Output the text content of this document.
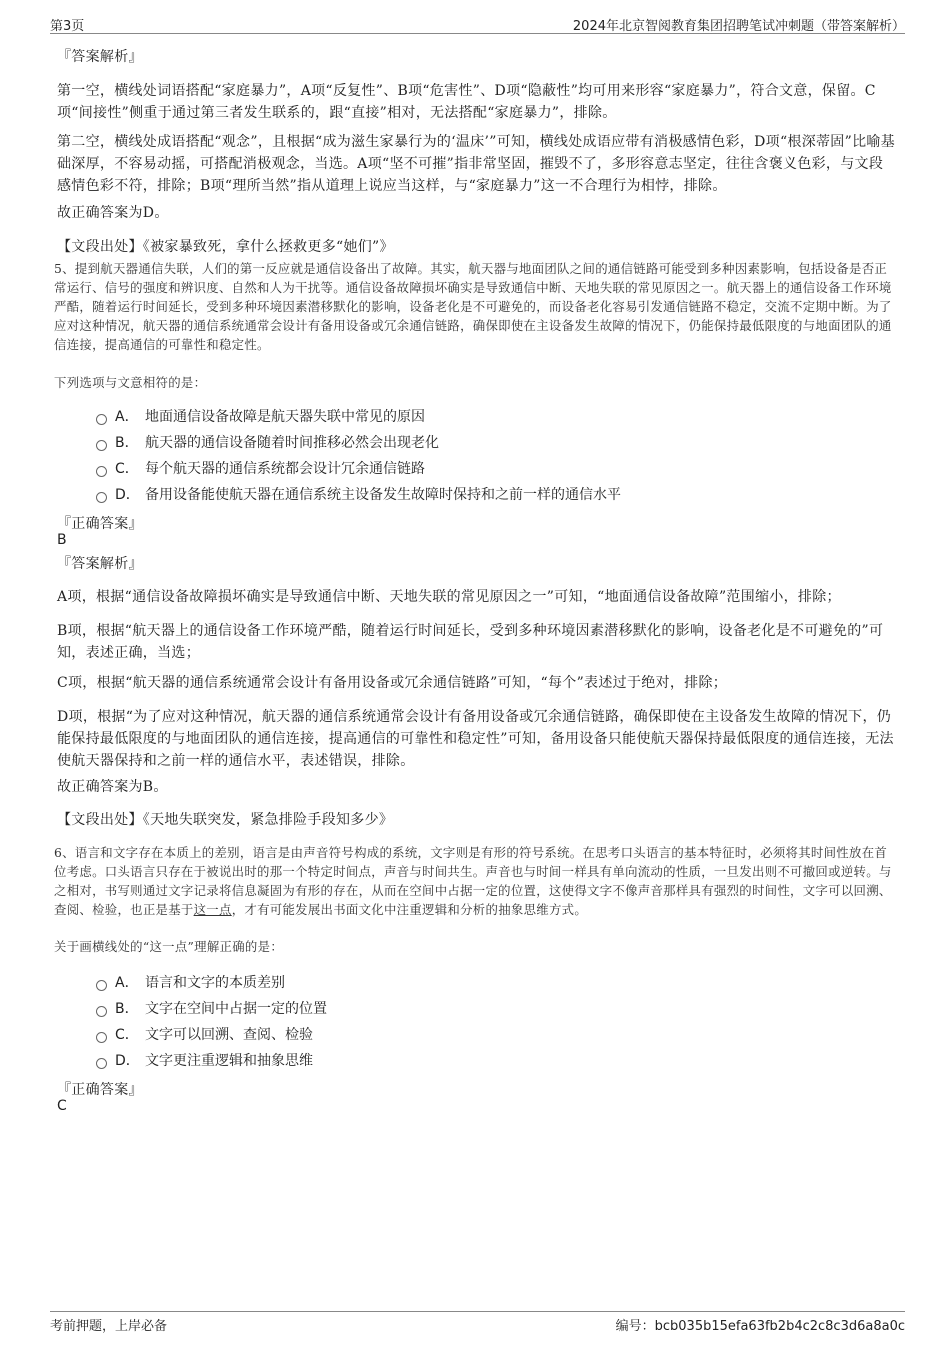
第3页	2024年北京智阅教育集团招聘笔试冲刺题（带答案解析）
『答案解析』
第一空，横线处词语搭配“家庭暴力”，A项“反复性”、B项“危害性”、D项“隐蔽性”均可用来形容“家庭暴力”，符合文意，保留。C项“间接性”侧重于通过第三者发生联系的，跟“直接”相对，无法搭配“家庭暴力”，排除。
第二空，横线处成语搭配“观念”，且根据“成为滋生家暴行为的‘温床’”可知，横线处成语应带有消极感情色彩，D项“根深蒂固”比喻基础深厚，不容易动摇，可搭配消极观念，当选。A项“坚不可摧”指非常坚固，摧毁不了，多形容意志坚定，往往含褒义色彩，与文段感情色彩不符，排除；B项“理所当然”指从道理上说应当这样，与“家庭暴力”这一不合理行为相悖，排除。
故正确答案为D。
【文段出处】《被家暴致死，拿什么拯救更多“她们”》
5、提到航天器通信失联，人们的第一反应就是通信设备出了故障。其实，航天器与地面团队之间的通信链路可能受到多种因素影响，包括设备是否正常运行、信号的强度和辨识度、自然和人为干扰等。通信设备故障损坏确实是导致通信中断、天地失联的常见原因之一。航天器上的通信设备工作环境严酷，随着运行时间延长，受到多种环境因素潜移默化的影响，设备老化是不可避免的，而设备老化容易引发通信链路不稳定，交流不定期中断。为了应对这种情况，航天器的通信系统通常会设计有备用设备或冗余通信链路，确保即使在主设备发生故障的情况下，仍能保持最低限度的与地面团队的通信连接，提高通信的可靠性和稳定性。
下列选项与文意相符的是：
A． 地面通信设备故障是航天器失联中常见的原因
B． 航天器的通信设备随着时间推移必然会出现老化
C． 每个航天器的通信系统都会设计冗余通信链路
D． 备用设备能使航天器在通信系统主设备发生故障时保持和之前一样的通信水平
『正确答案』
B
『答案解析』
A项，根据“通信设备故障损坏确实是导致通信中断、天地失联的常见原因之一”可知，“地面通信设备故障”范围缩小，排除；
B项，根据“航天器上的通信设备工作环境严酷，随着运行时间延长，受到多种环境因素潜移默化的影响，设备老化是不可避免的”可知，表述正确，当选；
C项，根据“航天器的通信系统通常会设计有备用设备或冗余通信链路”可知，“每个”表述过于绝对，排除；
D项，根据“为了应对这种情况，航天器的通信系统通常会设计有备用设备或冗余通信链路，确保即使在主设备发生故障的情况下，仍能保持最低限度的与地面团队的通信连接，提高通信的可靠性和稳定性”可知，备用设备只能使航天器保持最低限度的通信连接，无法使航天器保持和之前一样的通信水平，表述错误，排除。
故正确答案为B。
【文段出处】《天地失联突发，紧急排险手段知多少》
6、语言和文字存在本质上的差别，语言是由声音符号构成的系统，文字则是有形的符号系统。在思考口头语言的基本特征时，必须将其时间性放在首位考虑。口头语言只存在于被说出时的那一个特定时间点，声音与时间共生。声音也与时间一样具有单向流动的性质，一旦发出则不可撤回或逆转。与之相对，书写则通过文字记录将信息凝固为有形的存在，从而在空间中占据一定的位置，这使得文字不像声音那样具有强烈的时间性，文字可以回溯、查阅、检验，也正是基于这一点，才有可能发展出书面文化中注重逻辑和分析的抽象思维方式。
关于画横线处的“这一点”理解正确的是：
A． 语言和文字的本质差别
B． 文字在空间中占据一定的位置
C． 文字可以回溯、查阅、检验
D． 文字更注重逻辑和抽象思维
『正确答案』
C
考前押题，上岸必备	编号：bcb035b15efa63fb2b4c2c8c3d6a8a0c
